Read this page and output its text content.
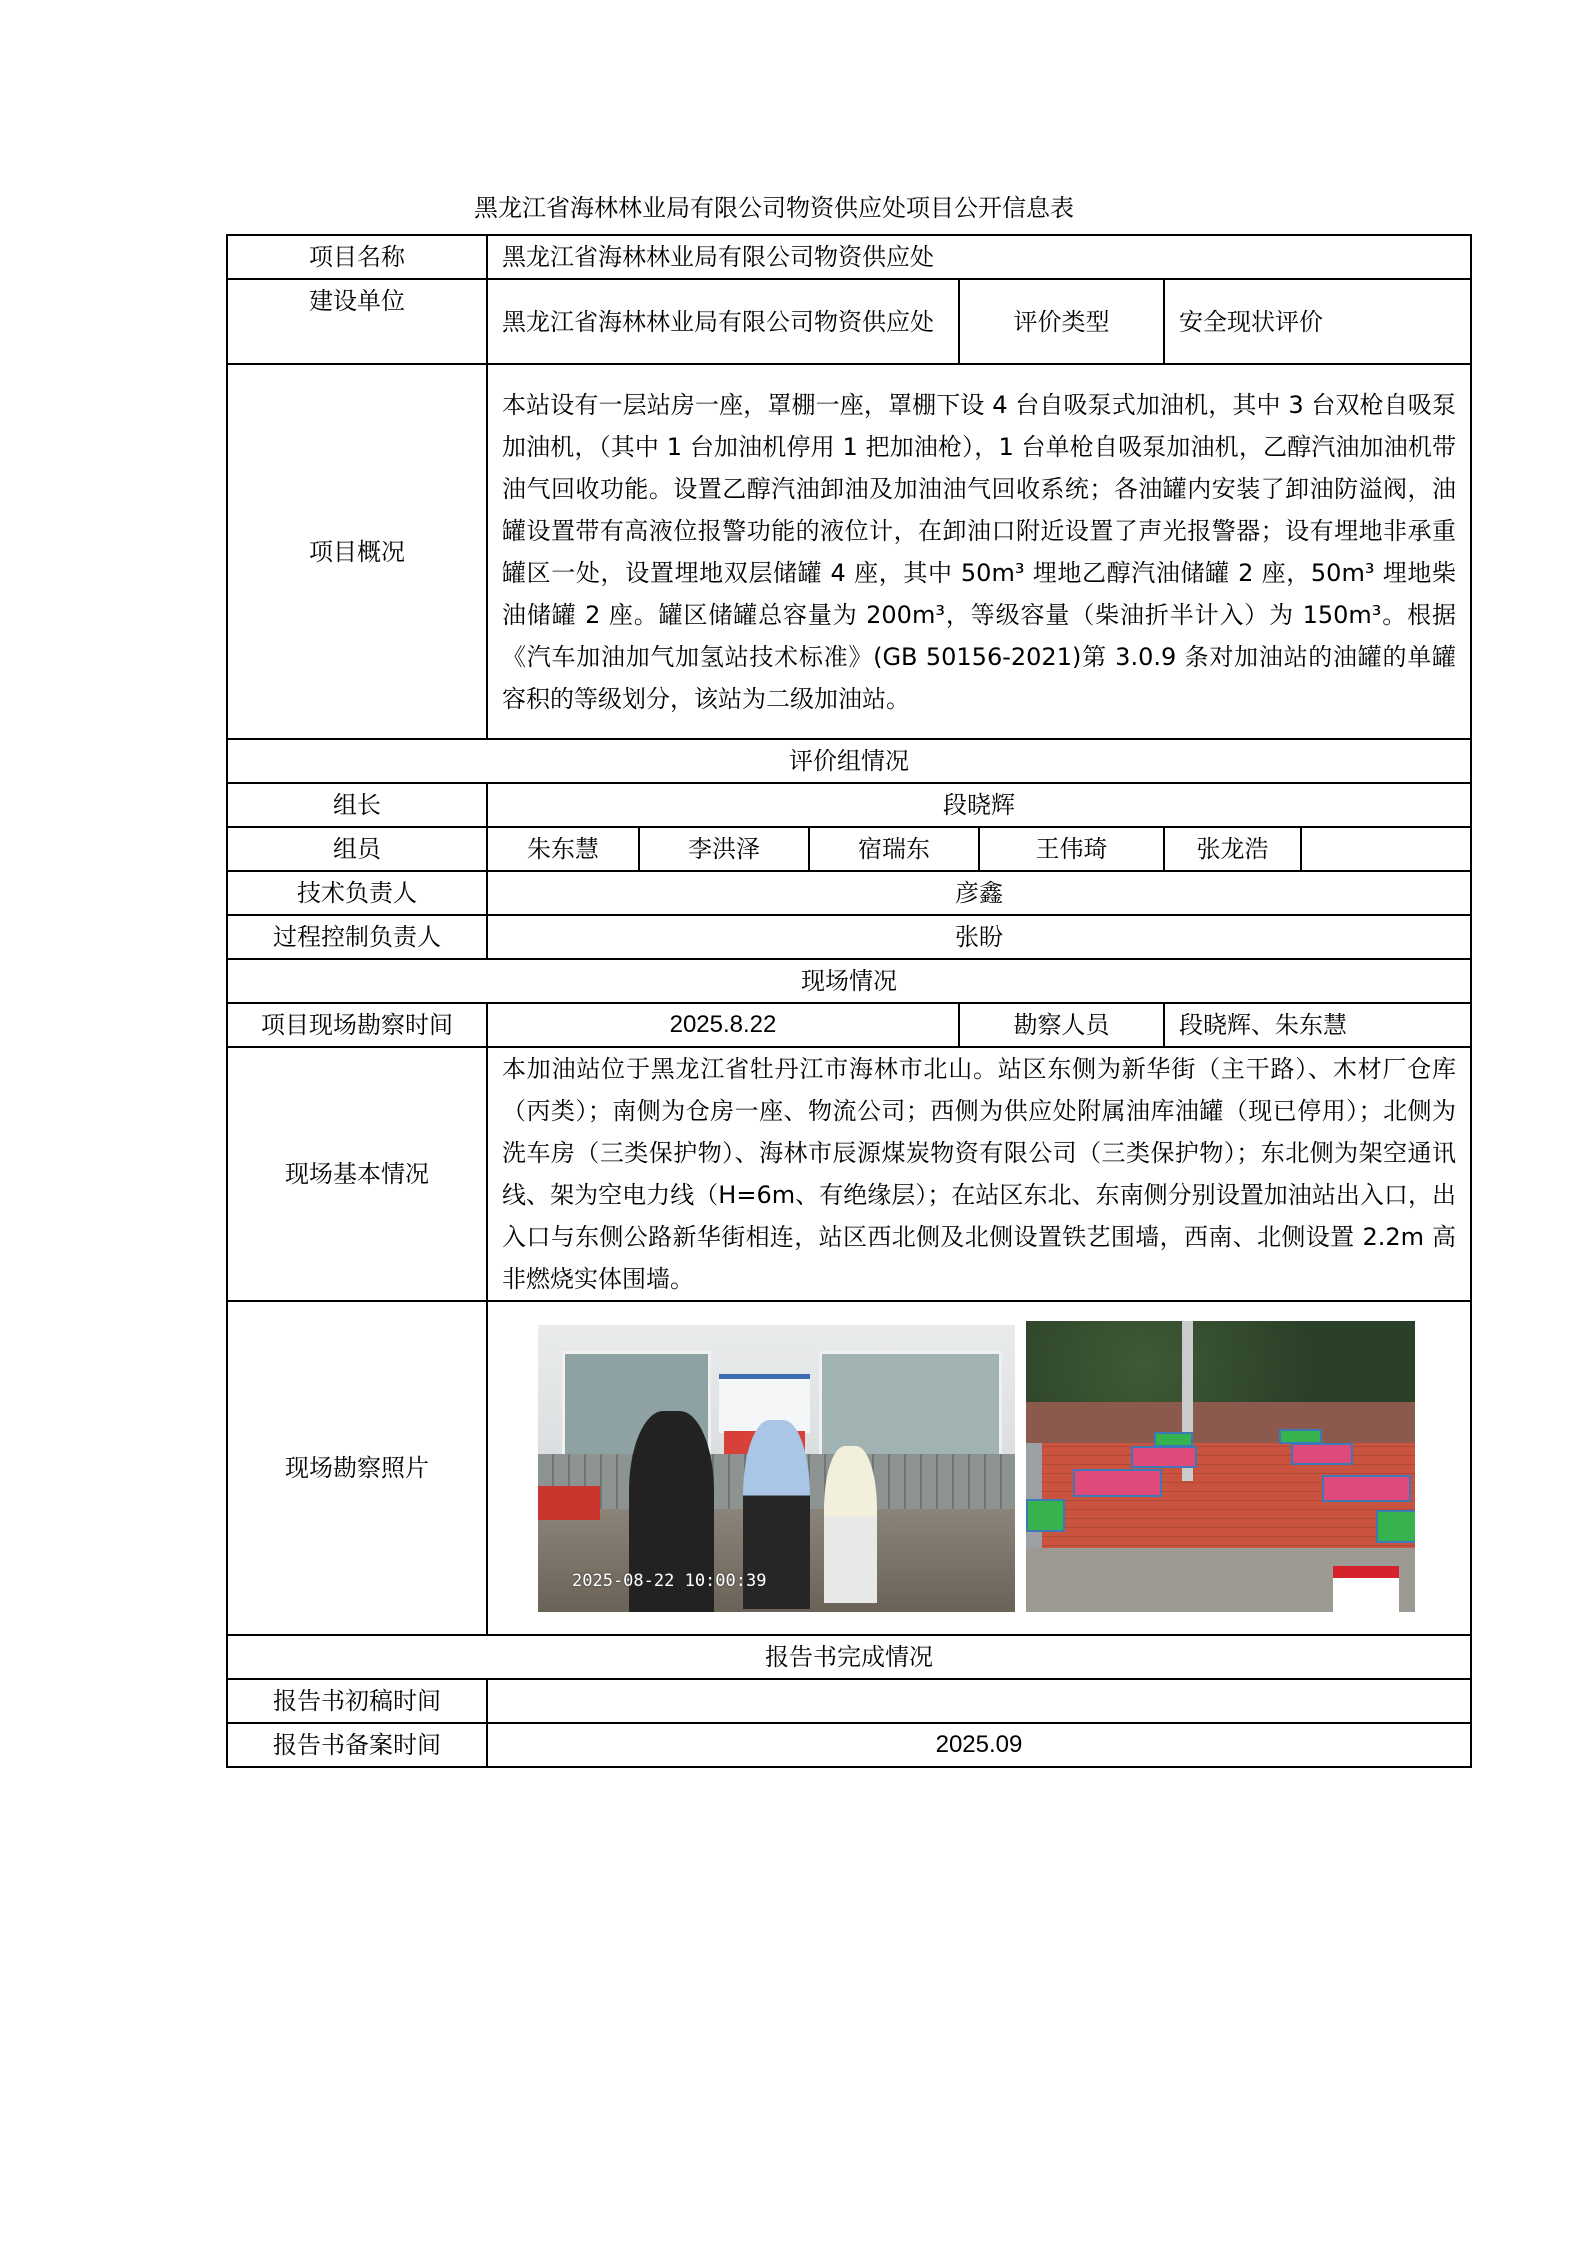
黑龙江省海林林业局有限公司物资供应处项目公开信息表
项目名称	黑龙江省海林林业局有限公司物资供应处						
建设单位	黑龙江省海林林业局有限公司物资供应处			评价类型		安全现状评价	
项目概况	本站设有一层站房一座，罩棚一座，罩棚下设 4 台自吸泵式加油机，其中 3 台双枪自吸泵加油机，（其中 1 台加油机停用 1 把加油枪），1 台单枪自吸泵加油机，乙醇汽油加油机带油气回收功能。设置乙醇汽油卸油及加油油气回收系统；各油罐内安装了卸油防溢阀，油罐设置带有高液位报警功能的液位计，在卸油口附近设置了声光报警器；设有埋地非承重罐区一处，设置埋地双层储罐 4 座，其中 50m³ 埋地乙醇汽油储罐 2 座，50m³ 埋地柴油储罐 2 座。罐区储罐总容量为 200m³，等级容量（柴油折半计入）为 150m³。根据《汽车加油加气加氢站技术标准》(GB 50156-2021)第 3.0.9 条对加油站的油罐的单罐容积的等级划分，该站为二级加油站。						
评价组情况							
组长	段晓辉						
组员	朱东慧	李洪泽	宿瑞东		王伟琦	张龙浩	
技术负责人	彦鑫						
过程控制负责人	张盼						
现场情况							
项目现场勘察时间	2025.8.22			勘察人员		段晓辉、朱东慧	
现场基本情况	本加油站位于黑龙江省牡丹江市海林市北山。站区东侧为新华街（主干路）、木材厂仓库（丙类）；南侧为仓房一座、物流公司；西侧为供应处附属油库油罐（现已停用）；北侧为洗车房（三类保护物）、海林市辰源煤炭物资有限公司（三类保护物）；东北侧为架空通讯线、架为空电力线（H=6m、有绝缘层）；在站区东北、东南侧分别设置加油站出入口，出入口与东侧公路新华街相连，站区西北侧及北侧设置铁艺围墙，西南、北侧设置 2.2m 高非燃烧实体围墙。						
现场勘察照片	2025-08-22 10:00:39						

报告书完成情况							
报告书初稿时间							
报告书备案时间	2025.09						
